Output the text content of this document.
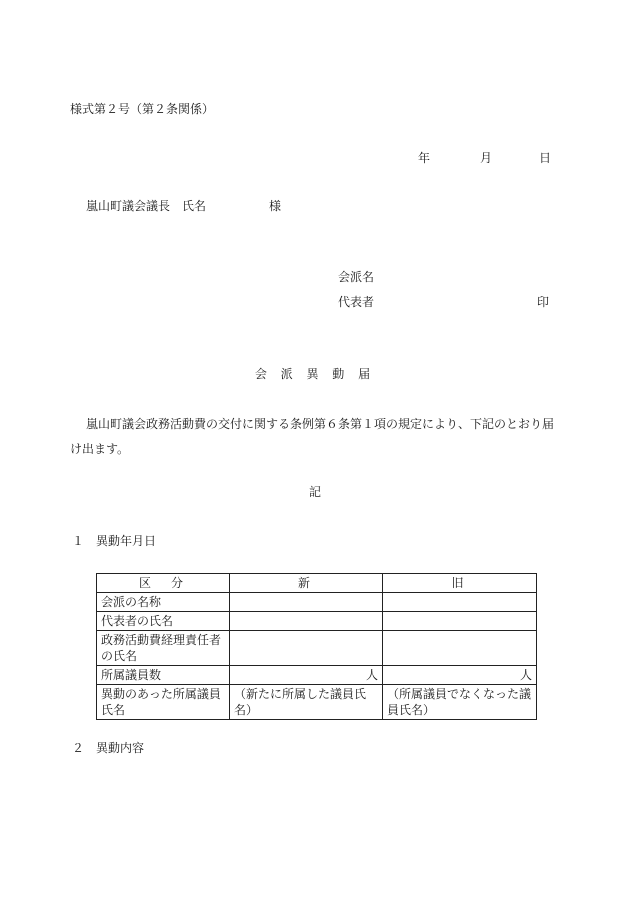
様式第２号（第２条関係）
年	月	日
嵐山町議会議長　氏 名	様
会派名
代表者	印
会 派 異 動 届
嵐山町議会政務活動費の交付に関する条例第６条第１項の規定により、下記のとおり届け出ます。
記
１ 異動年月日
区　分	新	旧
会派の名称		
代表者の氏名		
政務活動費経理責任者の氏名		
所属議員数	人	人
異動のあった所属議員氏名	（新たに所属した議員氏名）	（所属議員でなくなった議員氏名）
２ 異動内容
